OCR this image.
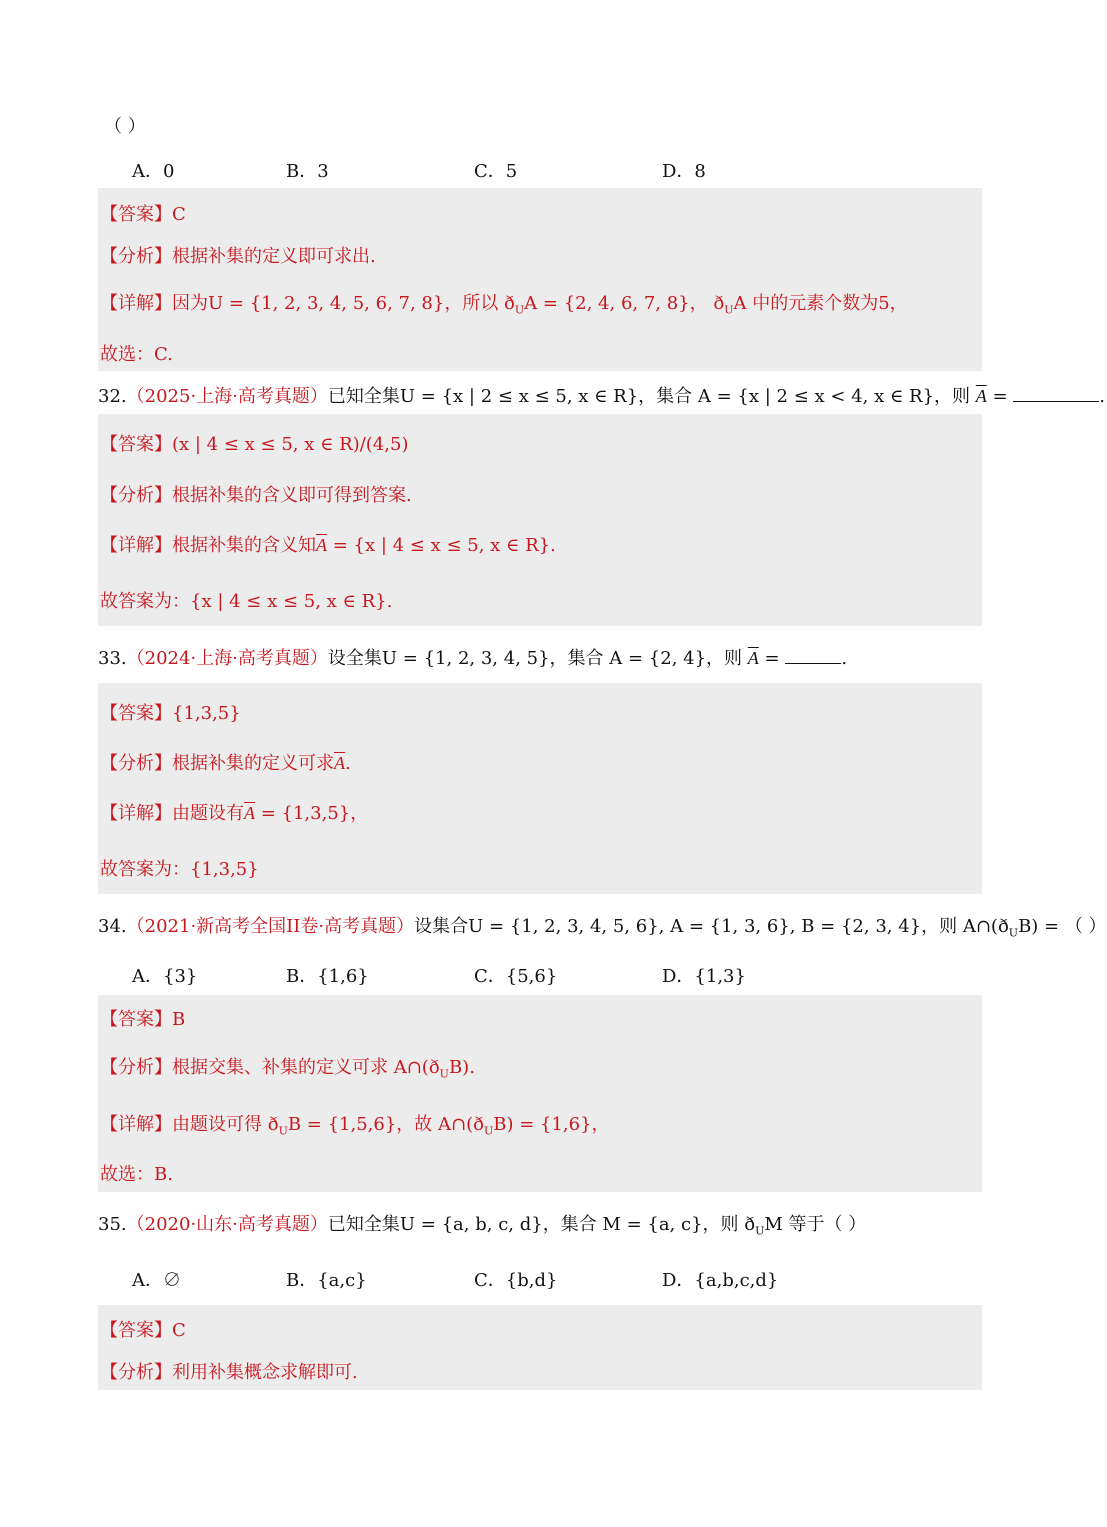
（ ）
A．0	B．3	C．5	D．8
【答案】C
【分析】根据补集的定义即可求出.
【详解】因为U = {1, 2, 3, 4, 5, 6, 7, 8}，所以 $ð_UA = \{2$, 4, 6, 7, 8}， $ð_UA$ 中的元素个数为5，
故选：C.
32.（2025·上海·高考真题）已知全集U = {x | 2 ≤ x ≤ 5, x ∈ R}，集合 A = {x | 2 ≤ x < 4, x ∈ R}，则 $\overline{A}$ =	.
【答案】(x | 4 ≤ x ≤ 5, x ∈ R)/(4,5)
【分析】根据补集的含义即可得到答案.
【详解】根据补集的含义知$\overline{A} = \{x$ | 4 ≤ x ≤ 5, x ∈ R}.
故答案为：{x | 4 ≤ x ≤ 5, x ∈ R}.
33.（2024·上海·高考真题）设全集U = {1, 2, 3, 4, 5}，集合 A = {2, 4}，则 $\overline{A}$ =	.
【答案】{1,3,5}
【分析】根据补集的定义可求$\overline{A}$.
【详解】由题设有$\overline{A} = \{1,3,5\}$，
故答案为：{1,3,5}
34.（2021·新高考全国II卷·高考真题）设集合U = {1, 2, 3, 4, 5, 6}, A = {1, 3, 6}, B = {2, 3, 4}，则 $A\cap(ð_UB)$ = （ ）
A．{3}	B．{1,6}	C．{5,6}	D．{1,3}
【答案】B
【分析】根据交集、补集的定义可求 $A\cap(ð_UB)$.
【详解】由题设可得 $ð_UB = \{1,5,6\}$，故 $A\cap(ð_UB) = \{1,6\}$，
故选：B.
35.（2020·山东·高考真题）已知全集U = {a, b, c, d}，集合 M = {a, c}，则 $ð_UM$ 等于（ ）
A．∅	B．{a,c}	C．{b,d}	D．{a,b,c,d}
【答案】C
【分析】利用补集概念求解即可.
